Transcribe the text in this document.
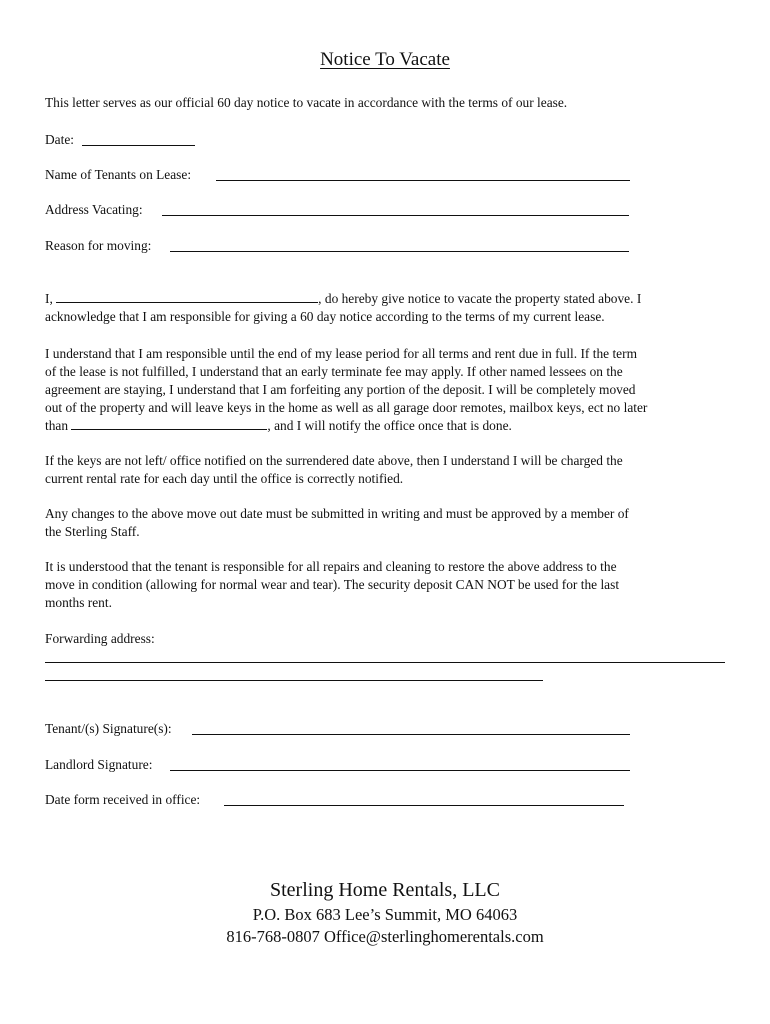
Notice To Vacate
This letter serves as our official 60 day notice to vacate in accordance with the terms of our lease.
Date:
Name of Tenants on Lease:
Address Vacating:
Reason for moving:
I,	, do hereby give notice to vacate the property stated above. I
acknowledge that I am responsible for giving a 60 day notice according to the terms of my current lease.
I understand that I am responsible until the end of my lease period for all terms and rent due in full. If the term
of the lease is not fulfilled, I understand that an early terminate fee may apply. If other named lessees on the
agreement are staying, I understand that I am forfeiting any portion of the deposit. I will be completely moved
out of the property and will leave keys in the home as well as all garage door remotes, mailbox keys, ect no later
than	, and I will notify the office once that is done.
If the keys are not left/ office notified on the surrendered date above, then I understand I will be charged the
current rental rate for each day until the office is correctly notified.
Any changes to the above move out date must be submitted in writing and must be approved by a member of
the Sterling Staff.
It is understood that the tenant is responsible for all repairs and cleaning to restore the above address to the
move in condition (allowing for normal wear and tear). The security deposit CAN NOT be used for the last
months rent.
Forwarding address:
Tenant/(s) Signature(s):
Landlord Signature:
Date form received in office:
Sterling Home Rentals, LLC
P.O. Box 683 Lee’s Summit, MO 64063
816-768-0807 Office@sterlinghomerentals.com
